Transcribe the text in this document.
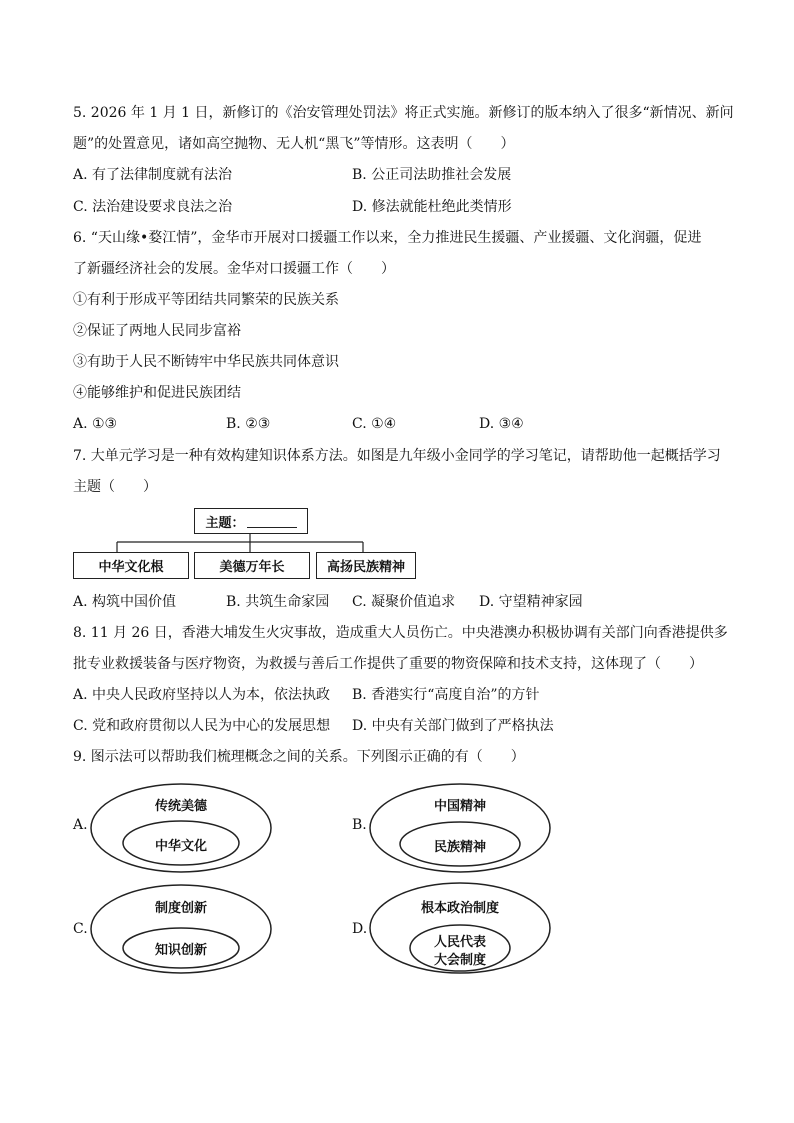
5. 2026 年 1 月 1 日，新修订的《治安管理处罚法》将正式实施。新修订的版本纳入了很多“新情况、新问
题”的处置意见，诸如高空抛物、无人机“黑飞”等情形。这表明（　　）
A. 有了法律制度就有法治	B. 公正司法助推社会发展
C. 法治建设要求良法之治	D. 修法就能杜绝此类情形
6. “天山缘•婺江情”，金华市开展对口援疆工作以来，全力推进民生援疆、产业援疆、文化润疆，促进
了新疆经济社会的发展。金华对口援疆工作（　　）
①有利于形成平等团结共同繁荣的民族关系
②保证了两地人民同步富裕
③有助于人民不断铸牢中华民族共同体意识
④能够维护和促进民族团结
A. ①③	B. ②③	C. ①④	D. ③④
7. 大单元学习是一种有效构建知识体系方法。如图是九年级小金同学的学习笔记，请帮助他一起概括学习
主题（　　）
主题：
中华文化根	美德万年长	高扬民族精神
A. 构筑中国价值	B. 共筑生命家园 C. 凝聚价值追求 D. 守望精神家园
8. 11 月 26 日，香港大埔发生火灾事故，造成重大人员伤亡。中央港澳办积极协调有关部门向香港提供多
批专业救援装备与医疗物资，为救援与善后工作提供了重要的物资保障和技术支持，这体现了（　　）
A. 中央人民政府坚持以人为本，依法执政 B. 香港实行“高度自治”的方针
C. 党和政府贯彻以人民为中心的发展思想 D. 中央有关部门做到了严格执法
9. 图示法可以帮助我们梳理概念之间的关系。下列图示正确的有（　　）
A.
传统美德
中华文化
B.
中国精神
民族精神
C.
制度创新
知识创新
D.
根本政治制度
人民代表
大会制度
